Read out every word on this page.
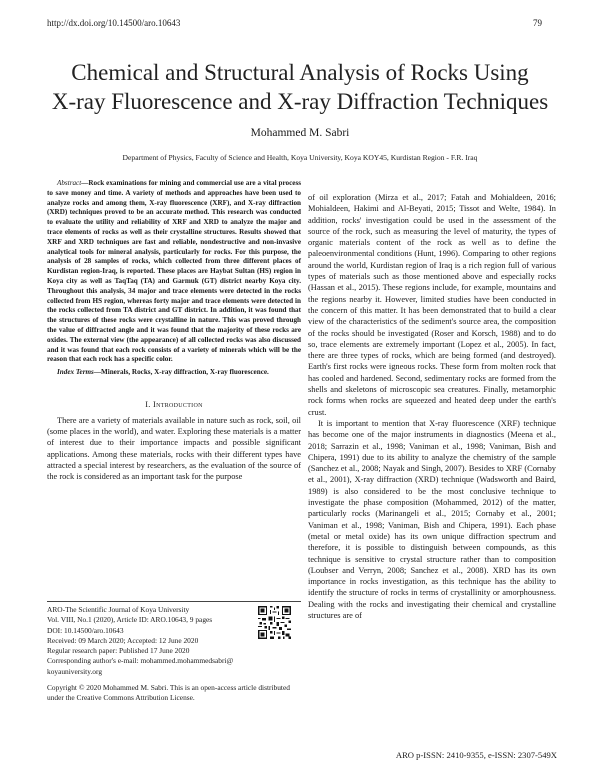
http://dx.doi.org/10.14500/aro.10643	79
Chemical and Structural Analysis of Rocks Using
X-ray Fluorescence and X-ray Diffraction Techniques
Mohammed M. Sabri
Department of Physics, Faculty of Science and Health, Koya University, Koya KOY45, Kurdistan Region - F.R. Iraq

Abstract—Rock examinations for mining and commercial use are a vital process to save money and time. A variety of methods and approaches have been used to analyze rocks and among them, X-ray fluorescence (XRF), and X-ray diffraction (XRD) techniques proved to be an accurate method. This research was conducted to evaluate the utility and reliability of XRF and XRD to analyze the major and trace elements of rocks as well as their crystalline structures. Results showed that XRF and XRD techniques are fast and reliable, nondestructive and non-invasive analytical tools for mineral analysis, particularly for rocks. For this purpose, the analysis of 28 samples of rocks, which collected from three different places of Kurdistan region-Iraq, is reported. These places are Haybat Sultan (HS) region in Koya city as well as TaqTaq (TA) and Garmuk (GT) district nearby Koya city. Throughout this analysis, 34 major and trace elements were detected in the rocks collected from HS region, whereas forty major and trace elements were detected in the rocks collected from TA district and GT district. In addition, it was found that the structures of these rocks were crystalline in nature. This was proved through the value of diffracted angle and it was found that the majority of these rocks are oxides. The external view (the appearance) of all collected rocks was also discussed and it was found that each rock consists of a variety of minerals which will be the reason that each rock has a specific color.

Index Terms—Minerals, Rocks, X-ray diffraction, X-ray fluorescence.

I. Introduction

There are a variety of materials available in nature such as rock, soil, oil (some places in the world), and water. Exploring these materials is a matter of interest due to their importance impacts and possible significant applications. Among these materials, rocks with their different types have attracted a special interest by researchers, as the evaluation of the source of the rock is considered as an important task for the purpose

of oil exploration (Mirza et al., 2017; Fatah and Mohialdeen, 2016; Mohialdeen, Hakimi and Al-Beyati, 2015; Tissot and Welte, 1984). In addition, rocks' investigation could be used in the assessment of the source of the rock, such as measuring the level of maturity, the types of organic materials content of the rock as well as to define the paleoenvironmental conditions (Hunt, 1996). Comparing to other regions around the world, Kurdistan region of Iraq is a rich region full of various types of materials such as those mentioned above and especially rocks (Hassan et al., 2015). These regions include, for example, mountains and the regions nearby it. However, limited studies have been conducted in the concern of this matter. It has been demonstrated that to build a clear view of the characteristics of the sediment's source area, the composition of the rocks should be investigated (Roser and Korsch, 1988) and to do so, trace elements are extremely important (Lopez et al., 2005). In fact, there are three types of rocks, which are being formed (and destroyed). Earth's first rocks were igneous rocks. These form from molten rock that has cooled and hardened. Second, sedimentary rocks are formed from the shells and skeletons of microscopic sea creatures. Finally, metamorphic rock forms when rocks are squeezed and heated deep under the earth's crust.

It is important to mention that X-ray fluorescence (XRF) technique has become one of the major instruments in diagnostics (Meena et al., 2018; Sarrazin et al., 1998; Vaniman et al., 1998; Vaniman, Bish and Chipera, 1991) due to its ability to analyze the chemistry of the sample (Sanchez et al., 2008; Nayak and Singh, 2007). Besides to XRF (Cornaby et al., 2001), X-ray diffraction (XRD) technique (Wadsworth and Baird, 1989) is also considered to be the most conclusive technique to investigate the phase composition (Mohammed, 2012) of the matter, particularly rocks (Marinangeli et al., 2015; Cornaby et al., 2001; Vaniman et al., 1998; Vaniman, Bish and Chipera, 1991). Each phase (metal or metal oxide) has its own unique diffraction spectrum and therefore, it is possible to distinguish between compounds, as this technique is sensitive to crystal structure rather than to composition (Loubser and Verryn, 2008; Sanchez et al., 2008). XRD has its own importance in rocks investigation, as this technique has the ability to identify the structure of rocks in terms of crystallinity or amorphousness. Dealing with the rocks and investigating their chemical and crystalline structures are of

ARO-The Scientific Journal of Koya University
Vol. VIII, No.1 (2020), Article ID: ARO.10643, 9 pages
DOI: 10.14500/aro.10643
Received: 09 March 2020; Accepted: 12 June 2020
Regular research paper: Published 17 June 2020
Corresponding author's e-mail: mohammed.mohammedsabri@
koyauniversity.org
Copyright © 2020 Mohammed M. Sabri. This is an open-access article distributed under the Creative Commons Attribution License.
ARO p-ISSN: 2410-9355, e-ISSN: 2307-549X
